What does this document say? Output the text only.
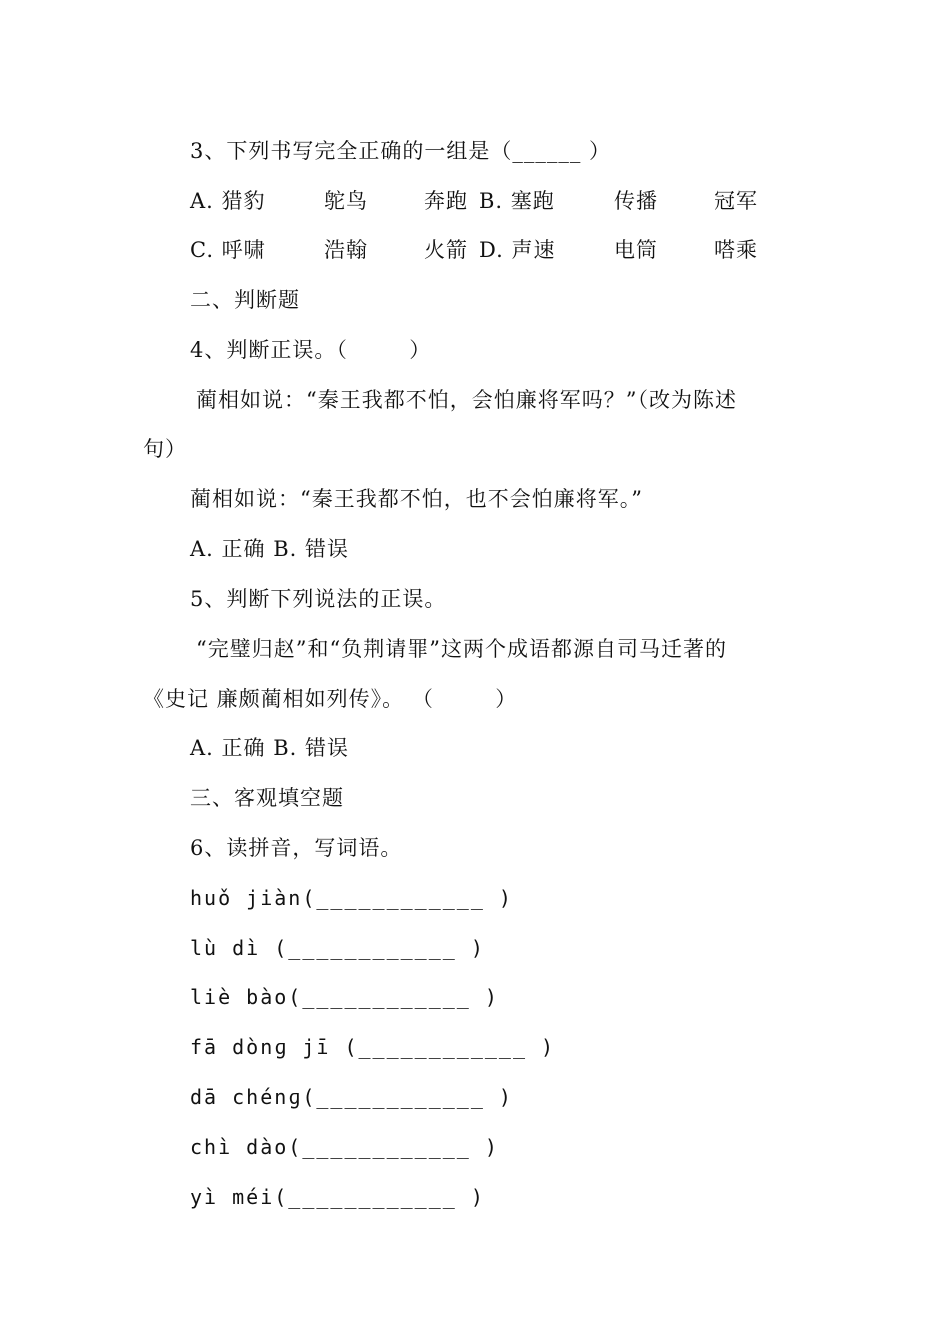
3、下列书写完全正确的一组是（______ ）
A. 猎豹	鸵鸟	奔跑 B. 塞跑	传播	冠军
C. 呼啸	浩翰	火箭 D. 声速	电筒	嗒乘
二、判断题
4、判断正误。（        ）
蔺相如说：“秦王我都不怕，会怕廉将军吗？”（改为陈述
句）
蔺相如说：“秦王我都不怕，也不会怕廉将军。”
A. 正确 B. 错误
5、判断下列说法的正误。
“完璧归赵”和“负荆请罪”这两个成语都源自司马迁著的
《史记 廉颇蔺相如列传》。 （        ）
A. 正确 B. 错误
三、客观填空题
6、读拼音，写词语。
huǒ jiàn(____________ )
lù dì (____________ )
liè bào(____________ )
fā dònɡ jī (____________ )
dā chénɡ(____________ )
chì dào(____________ )
yì méi(____________ )
